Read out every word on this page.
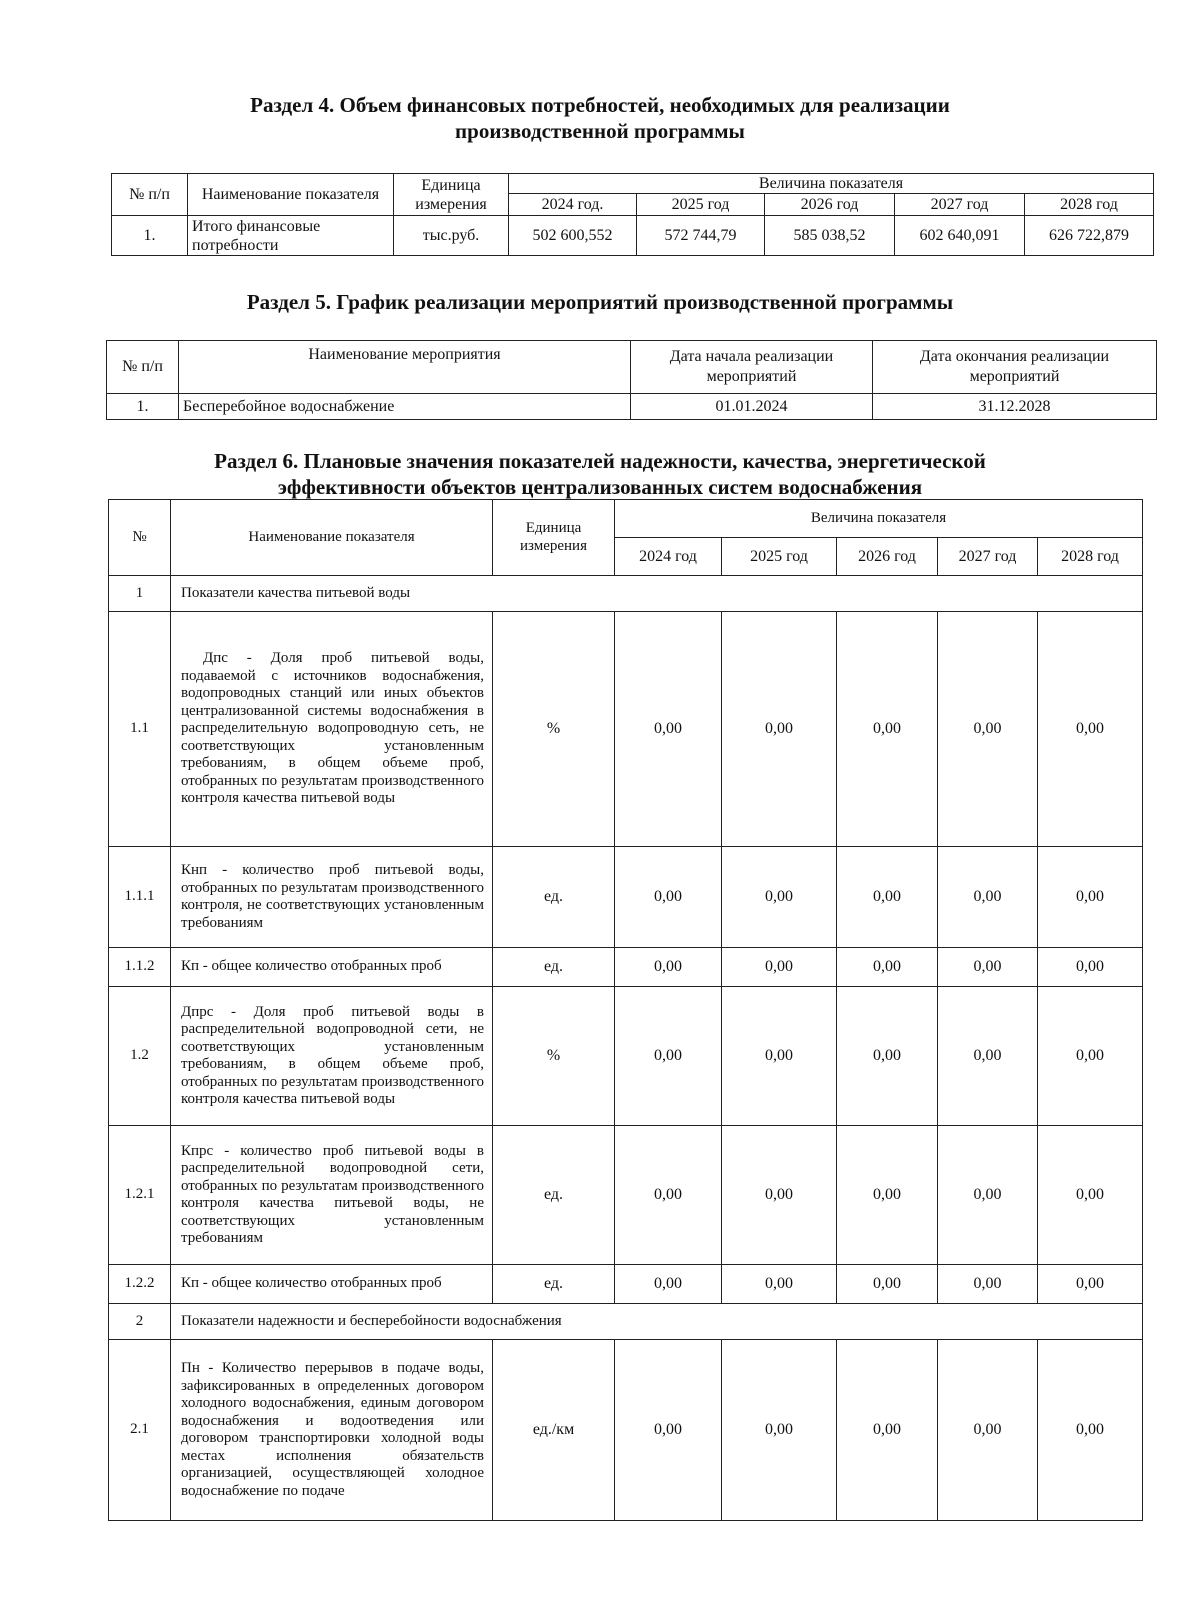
Раздел 4. Объем финансовых потребностей, необходимых для реализации
производственной программы
№ п/п	Наименование показателя	Единица измерения	Величина показателя				
			2024 год.	2025 год	2026 год	2027 год	2028 год
1.	Итого финансовые потребности	тыс.руб.	502 600,552	572 744,79	585 038,52	602 640,091	626 722,879
Раздел 5. График реализации мероприятий производственной программы
№ п/п	Наименование мероприятия	Дата начала реализации мероприятий	Дата окончания реализации мероприятий
1.	Бесперебойное водоснабжение	01.01.2024	31.12.2028
Раздел 6. Плановые значения показателей надежности, качества, энергетической
эффективности объектов централизованных систем водоснабжения
№	Наименование показателя	Единица измерения	Величина показателя				
			2024 год	2025 год	2026 год	2027 год	2028 год
1	Показатели качества питьевой воды						
1.1	Дпс - Доля проб питьевой воды, подаваемой с источников водоснабжения, водопроводных станций или иных объектов централизованной системы водоснабжения в распределительную водопроводную сеть, не соответствующих установленным требованиям, в общем объеме проб, отобранных по результатам производственного контроля качества питьевой воды	%	0,00	0,00	0,00	0,00	0,00
1.1.1	Кнп - количество проб питьевой воды, отобранных по результатам производственного контроля, не соответствующих установленным требованиям	ед.	0,00	0,00	0,00	0,00	0,00
1.1.2	Кп - общее количество отобранных проб	ед.	0,00	0,00	0,00	0,00	0,00
1.2	Дпрс - Доля проб питьевой воды в распределительной водопроводной сети, не соответствующих установленным требованиям, в общем объеме проб, отобранных по результатам производственного контроля качества питьевой воды	%	0,00	0,00	0,00	0,00	0,00
1.2.1	Кпрс - количество проб питьевой воды в распределительной водопроводной сети, отобранных по результатам производственного контроля качества питьевой воды, не соответствующих установленным требованиям	ед.	0,00	0,00	0,00	0,00	0,00
1.2.2	Кп - общее количество отобранных проб	ед.	0,00	0,00	0,00	0,00	0,00
2	Показатели надежности и бесперебойности водоснабжения						
2.1	Пн - Количество перерывов в подаче воды, зафиксированных в определенных договором холодного водоснабжения, единым договором водоснабжения и водоотведения или договором транспортировки холодной воды местах исполнения обязательств организацией, осуществляющей холодное водоснабжение по подаче	ед./км	0,00	0,00	0,00	0,00	0,00
